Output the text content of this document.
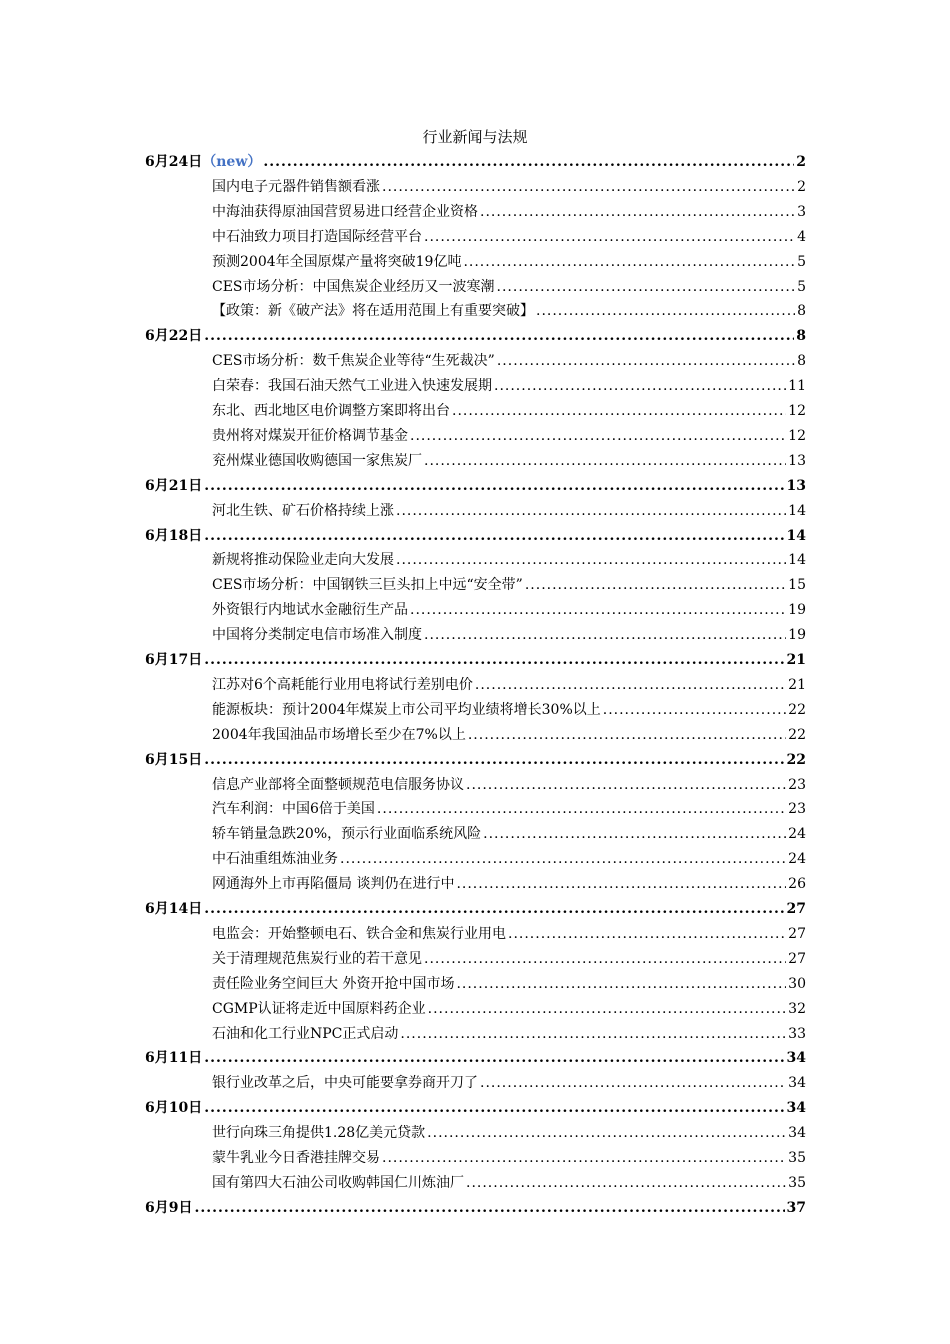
行业新闻与法规
6月24日 （new） .....	2
国内电子元器件销售额看涨 .....	2
中海油获得原油国营贸易进口经营企业资格 .....	3
中石油致力项目打造国际经营平台 .....	4
预测2004年全国原煤产量将突破19亿吨 .....	5
CES市场分析：中国焦炭企业经历又一波寒潮 .....	5
【政策：新《破产法》将在适用范围上有重要突破】 .....	8
6月22日 .....	8
CES市场分析：数千焦炭企业等待“生死裁决” .....	8
白荣春：我国石油天然气工业进入快速发展期 .....	11
东北、西北地区电价调整方案即将出台 .....	12
贵州将对煤炭开征价格调节基金 .....	12
兖州煤业德国收购德国一家焦炭厂 .....	13
6月21日 .....	13
河北生铁、矿石价格持续上涨 .....	14
6月18日 .....	14
新规将推动保险业走向大发展 .....	14
CES市场分析：中国钢铁三巨头扣上中远“安全带” .....	15
外资银行内地试水金融衍生产品 .....	19
中国将分类制定电信市场准入制度 .....	19
6月17日 .....	21
江苏对6个高耗能行业用电将试行差别电价 .....	21
能源板块：预计2004年煤炭上市公司平均业绩将增长30%以上 .....	22
2004年我国油品市场增长至少在7%以上 .....	22
6月15日 .....	22
信息产业部将全面整顿规范电信服务协议 .....	23
汽车利润：中国6倍于美国 .....	23
轿车销量急跌20%，预示行业面临系统风险 .....	24
中石油重组炼油业务 .....	24
网通海外上市再陷僵局 谈判仍在进行中 .....	26
6月14日 .....	27
电监会：开始整顿电石、铁合金和焦炭行业用电 .....	27
关于清理规范焦炭行业的若干意见 .....	27
责任险业务空间巨大 外资开抢中国市场 .....	30
CGMP认证将走近中国原料药企业 .....	32
石油和化工行业NPC正式启动 .....	33
6月11日 .....	34
银行业改革之后，中央可能要拿券商开刀了 .....	34
6月10日 .....	34
世行向珠三角提供1.28亿美元贷款 .....	34
蒙牛乳业今日香港挂牌交易 .....	35
国有第四大石油公司收购韩国仁川炼油厂 .....	35
6月9日 .....	37
